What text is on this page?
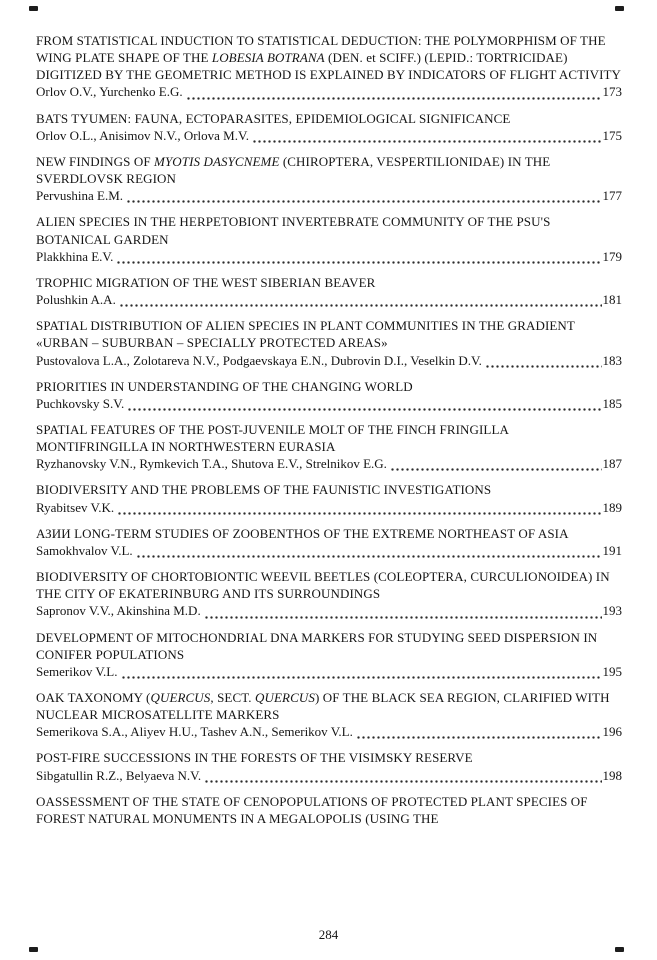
FROM STATISTICAL INDUCTION TO STATISTICAL DEDUCTION: THE POLYMORPHISM OF THE WING PLATE SHAPE OF THE LOBESIA BOTRANA (DEN. et SCIFF.) (LEPID.: TORTRICIDAE) DIGITIZED BY THE GEOMETRIC METHOD IS EXPLAINED BY INDICATORS OF FLIGHT ACTIVITY
Orlov O.V., Yurchenko E.G.	173
BATS TYUMEN: FAUNA, ECTOPARASITES, EPIDEMIOLOGICAL SIGNIFICANCE
Orlov O.L., Anisimov N.V., Orlova M.V.	175
NEW FINDINGS OF MYOTIS DASYCNEME (CHIROPTERA, VESPERTILIONIDAE) IN THE SVERDLOVSK REGION
Pervushina E.M.	177
ALIEN SPECIES IN THE HERPETOBIONT INVERTEBRATE COMMUNITY OF THE PSU'S BOTANICAL GARDEN
Plakkhina E.V.	179
TROPHIC MIGRATION OF THE WEST SIBERIAN BEAVER
Polushkin A.A.	181
SPATIAL DISTRIBUTION OF ALIEN SPECIES IN PLANT COMMUNITIES IN THE GRADIENT «URBAN – SUBURBAN – SPECIALLY PROTECTED AREAS»
Pustovalova L.A., Zolotareva N.V., Podgaevskaya E.N., Dubrovin D.I., Veselkin D.V.	183
PRIORITIES IN UNDERSTANDING OF THE CHANGING WORLD
Puchkovsky S.V.	185
SPATIAL FEATURES OF THE POST-JUVENILE MOLT OF THE FINCH FRINGILLA MONTIFRINGILLA IN NORTHWESTERN EURASIA
Ryzhanovsky V.N., Rymkevich T.A., Shutova E.V., Strelnikov E.G.	187
BIODIVERSITY AND THE PROBLEMS OF THE FAUNISTIC INVESTIGATIONS
Ryabitsev V.K.	189
АЗИИ LONG-TERM STUDIES OF ZOOBENTHOS OF THE EXTREME NORTHEAST OF ASIA
Samokhvalov V.L.	191
BIODIVERSITY OF CHORTOBIONTIC WEEVIL BEETLES (COLEOPTERA, CURCULIONOIDEA) IN THE CITY OF EKATERINBURG AND ITS SURROUNDINGS
Sapronov V.V., Akinshina M.D.	193
DEVELOPMENT OF MITOCHONDRIAL DNA MARKERS FOR STUDYING SEED DISPERSION IN CONIFER POPULATIONS
Semerikov V.L.	195
OAK TAXONOMY (QUERCUS, SECT. QUERCUS) OF THE BLACK SEA REGION, CLARIFIED WITH NUCLEAR MICROSATELLITE MARKERS
Semerikova S.A., Aliyev H.U., Tashev A.N., Semerikov V.L.	196
POST-FIRE SUCCESSIONS IN THE FORESTS OF THE VISIMSKY RESERVE
Sibgatullin R.Z., Belyaeva N.V.	198
OASSESSMENT OF THE STATE OF CENOPOPULATIONS OF PROTECTED PLANT SPECIES OF FOREST NATURAL MONUMENTS IN A MEGALOPOLIS (USING THE
284
